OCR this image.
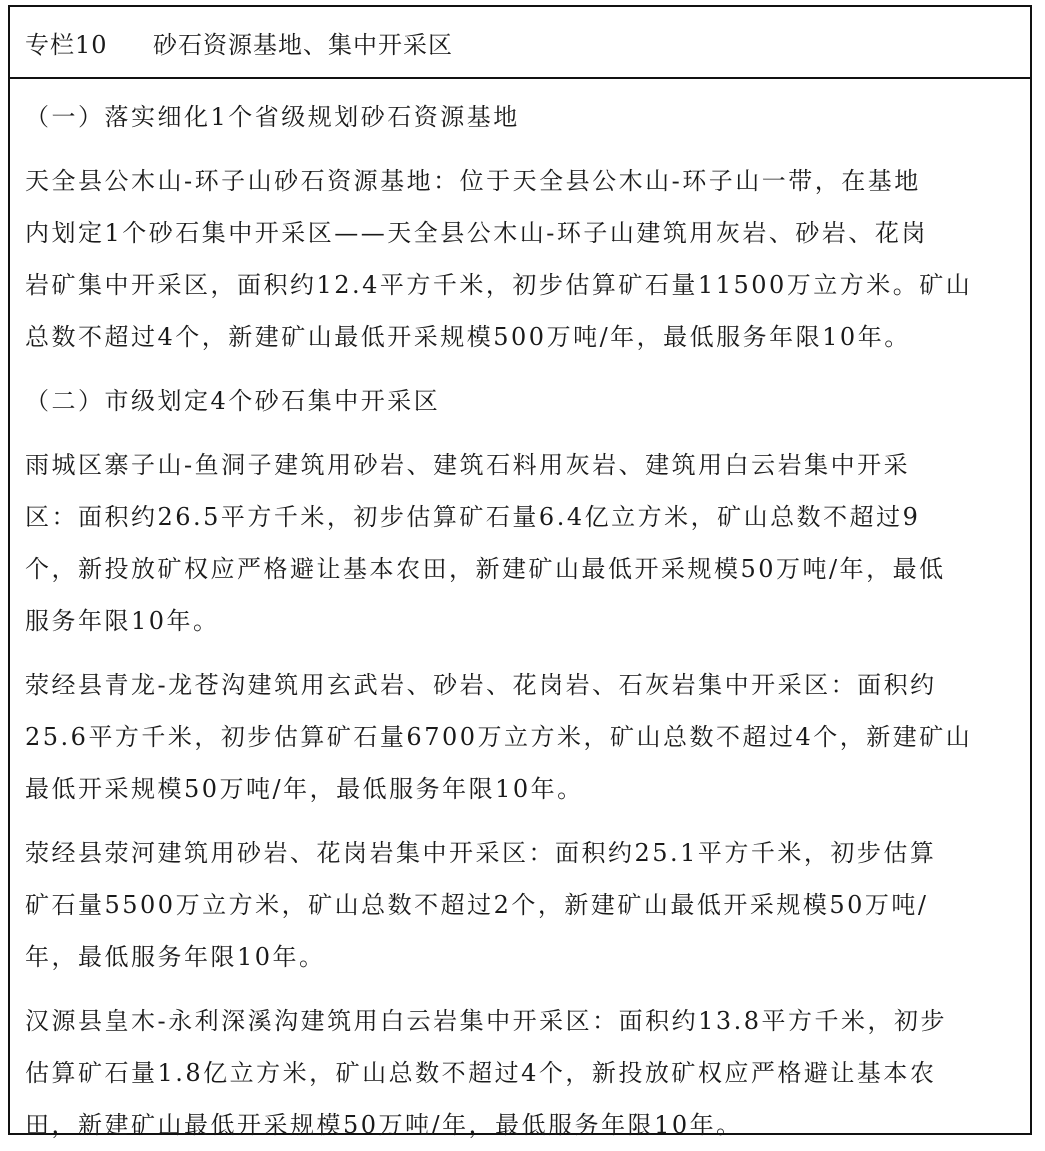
专栏10	砂石资源基地、集中开采区
（一）落实细化1个省级规划砂石资源基地
天全县公木山-环子山砂石资源基地：位于天全县公木山-环子山一带，在基地
内划定1个砂石集中开采区——天全县公木山-环子山建筑用灰岩、砂岩、花岗
岩矿集中开采区，面积约12.4平方千米，初步估算矿石量11500万立方米。矿山
总数不超过4个，新建矿山最低开采规模500万吨/年，最低服务年限10年。
（二）市级划定4个砂石集中开采区
雨城区寨子山-鱼洞子建筑用砂岩、建筑石料用灰岩、建筑用白云岩集中开采
区：面积约26.5平方千米，初步估算矿石量6.4亿立方米，矿山总数不超过9
个，新投放矿权应严格避让基本农田，新建矿山最低开采规模50万吨/年，最低
服务年限10年。
荥经县青龙-龙苍沟建筑用玄武岩、砂岩、花岗岩、石灰岩集中开采区：面积约
25.6平方千米，初步估算矿石量6700万立方米，矿山总数不超过4个，新建矿山
最低开采规模50万吨/年，最低服务年限10年。
荥经县荥河建筑用砂岩、花岗岩集中开采区：面积约25.1平方千米，初步估算
矿石量5500万立方米，矿山总数不超过2个，新建矿山最低开采规模50万吨/
年，最低服务年限10年。
汉源县皇木-永利深溪沟建筑用白云岩集中开采区：面积约13.8平方千米，初步
估算矿石量1.8亿立方米，矿山总数不超过4个，新投放矿权应严格避让基本农
田，新建矿山最低开采规模50万吨/年，最低服务年限10年。
